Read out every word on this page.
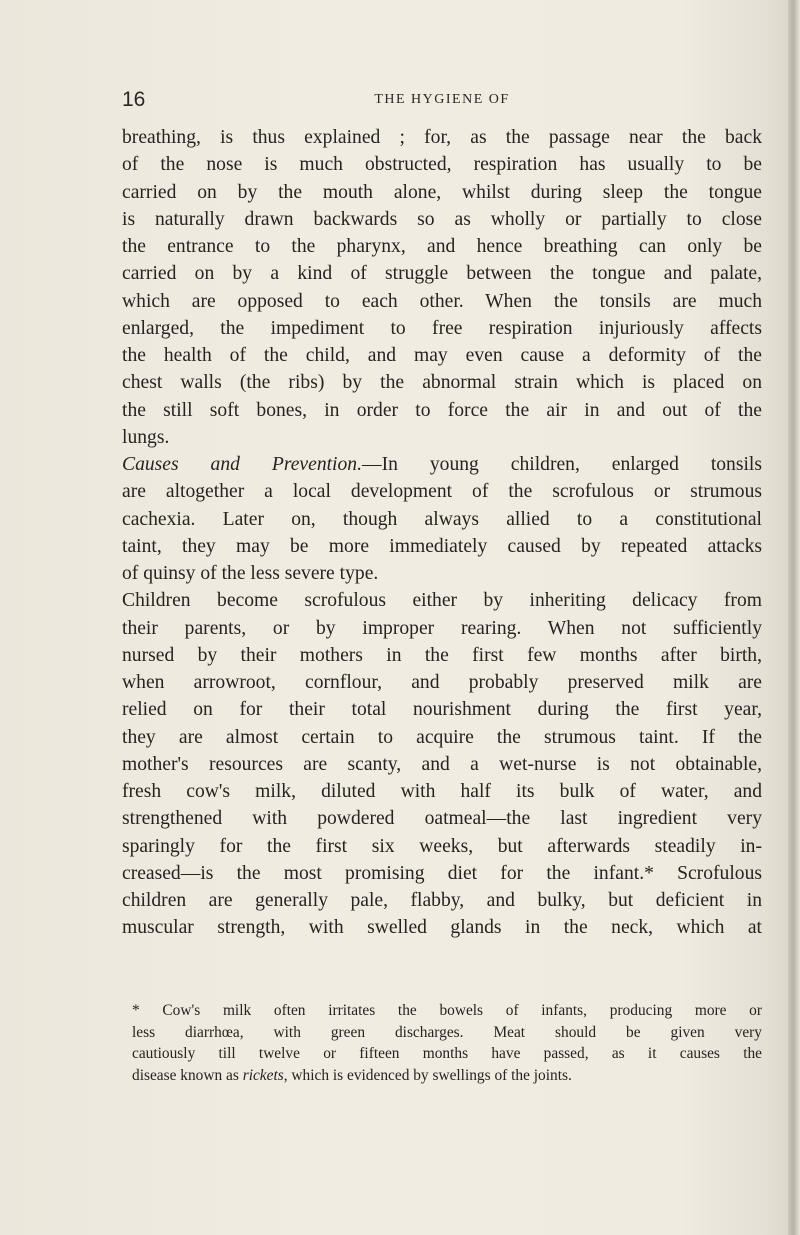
16	THE HYGIENE OF
breathing, is thus explained ; for, as the passage near the back
of the nose is much obstructed, respiration has usually to be
carried on by the mouth alone, whilst during sleep the tongue
is naturally drawn backwards so as wholly or partially to close
the entrance to the pharynx, and hence breathing can only be
carried on by a kind of struggle between the tongue and palate,
which are opposed to each other. When the tonsils are much
enlarged, the impediment to free respiration injuriously affects
the health of the child, and may even cause a deformity of the
chest walls (the ribs) by the abnormal strain which is placed on
the still soft bones, in order to force the air in and out of the
lungs.
Causes and Prevention.—In young children, enlarged tonsils
are altogether a local development of the scrofulous or strumous
cachexia. Later on, though always allied to a constitutional
taint, they may be more immediately caused by repeated attacks
of quinsy of the less severe type.
Children become scrofulous either by inheriting delicacy from
their parents, or by improper rearing. When not sufficiently
nursed by their mothers in the first few months after birth,
when arrowroot, cornflour, and probably preserved milk are
relied on for their total nourishment during the first year,
they are almost certain to acquire the strumous taint. If the
mother's resources are scanty, and a wet-nurse is not obtainable,
fresh cow's milk, diluted with half its bulk of water, and
strengthened with powdered oatmeal—the last ingredient very
sparingly for the first six weeks, but afterwards steadily in-
creased—is the most promising diet for the infant.* Scrofulous
children are generally pale, flabby, and bulky, but deficient in
muscular strength, with swelled glands in the neck, which at
* Cow's milk often irritates the bowels of infants, producing more or
less diarrhœa, with green discharges. Meat should be given very
cautiously till twelve or fifteen months have passed, as it causes the
disease known as rickets, which is evidenced by swellings of the joints.
